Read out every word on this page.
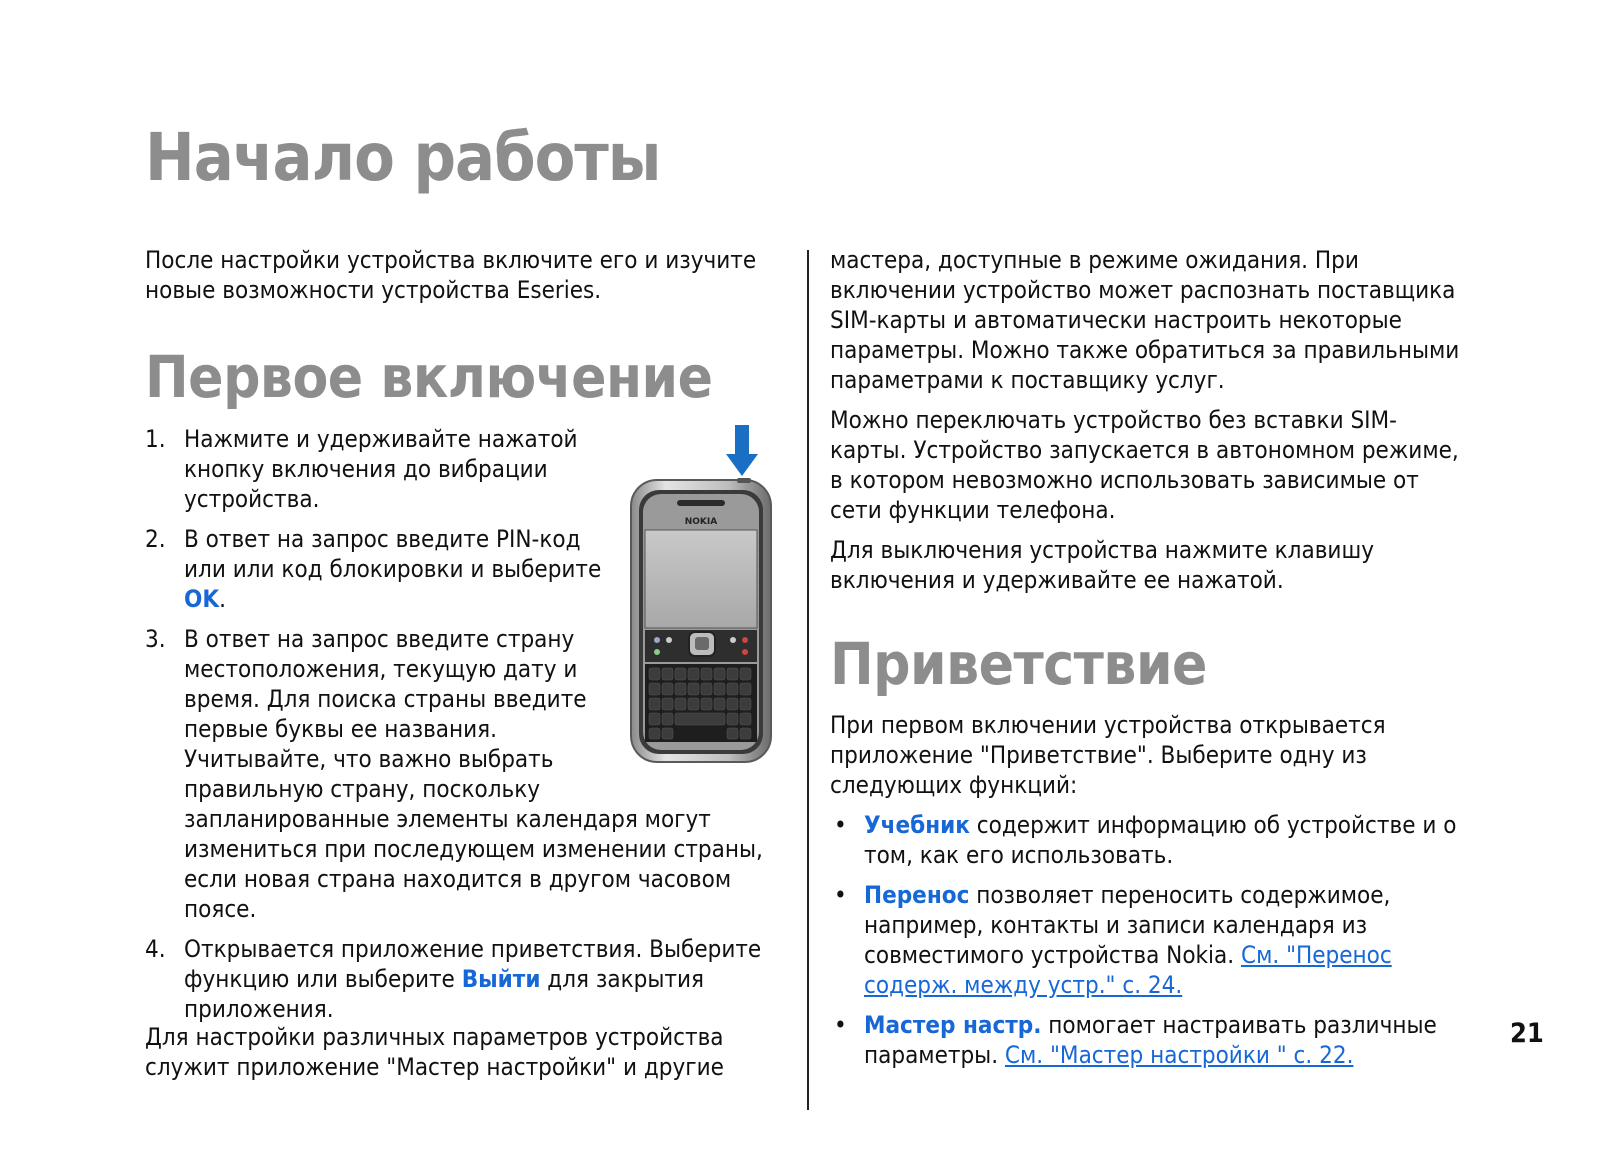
Начало работы

После настройки устройства включите его и изучите новые возможности устройства Eseries.

Первое включение
1. Нажмите и удерживайте нажатой кнопку включения до вибрации устройства.
2. В ответ на запрос введите PIN-код или или код блокировки и выберите OK.
3. В ответ на запрос введите страну местоположения, текущую дату и время. Для поиска страны введите первые буквы ее названия. Учитывайте, что важно выбрать правильную страну, поскольку
запланированные элементы календаря могут измениться при последующем изменении страны, если новая страна находится в другом часовом поясе.
4. Открывается приложение приветствия. Выберите функцию или выберите Выйти для закрытия приложения.

Для настройки различных параметров устройства служит приложение "Мастер настройки" и другие

NOKIA

мастера, доступные в режиме ожидания. При включении устройство может распознать поставщика SIM-карты и автоматически настроить некоторые параметры. Можно также обратиться за правильными параметрами к поставщику услуг.

Можно переключать устройство без вставки SIM-карты. Устройство запускается в автономном режиме, в котором невозможно использовать зависимые от сети функции телефона.

Для выключения устройства нажмите клавишу включения и удерживайте ее нажатой.

Приветствие

При первом включении устройства открывается приложение "Приветствие". Выберите одну из следующих функций:

• Учебник содержит информацию об устройстве и о том, как его использовать.
• Перенос позволяет переносить содержимое, например, контакты и записи календаря из совместимого устройства Nokia. См. "Перенос содерж. между устр." с. 24.
• Мастер настр. помогает настраивать различные параметры. См. "Мастер настройки " с. 22.
21
